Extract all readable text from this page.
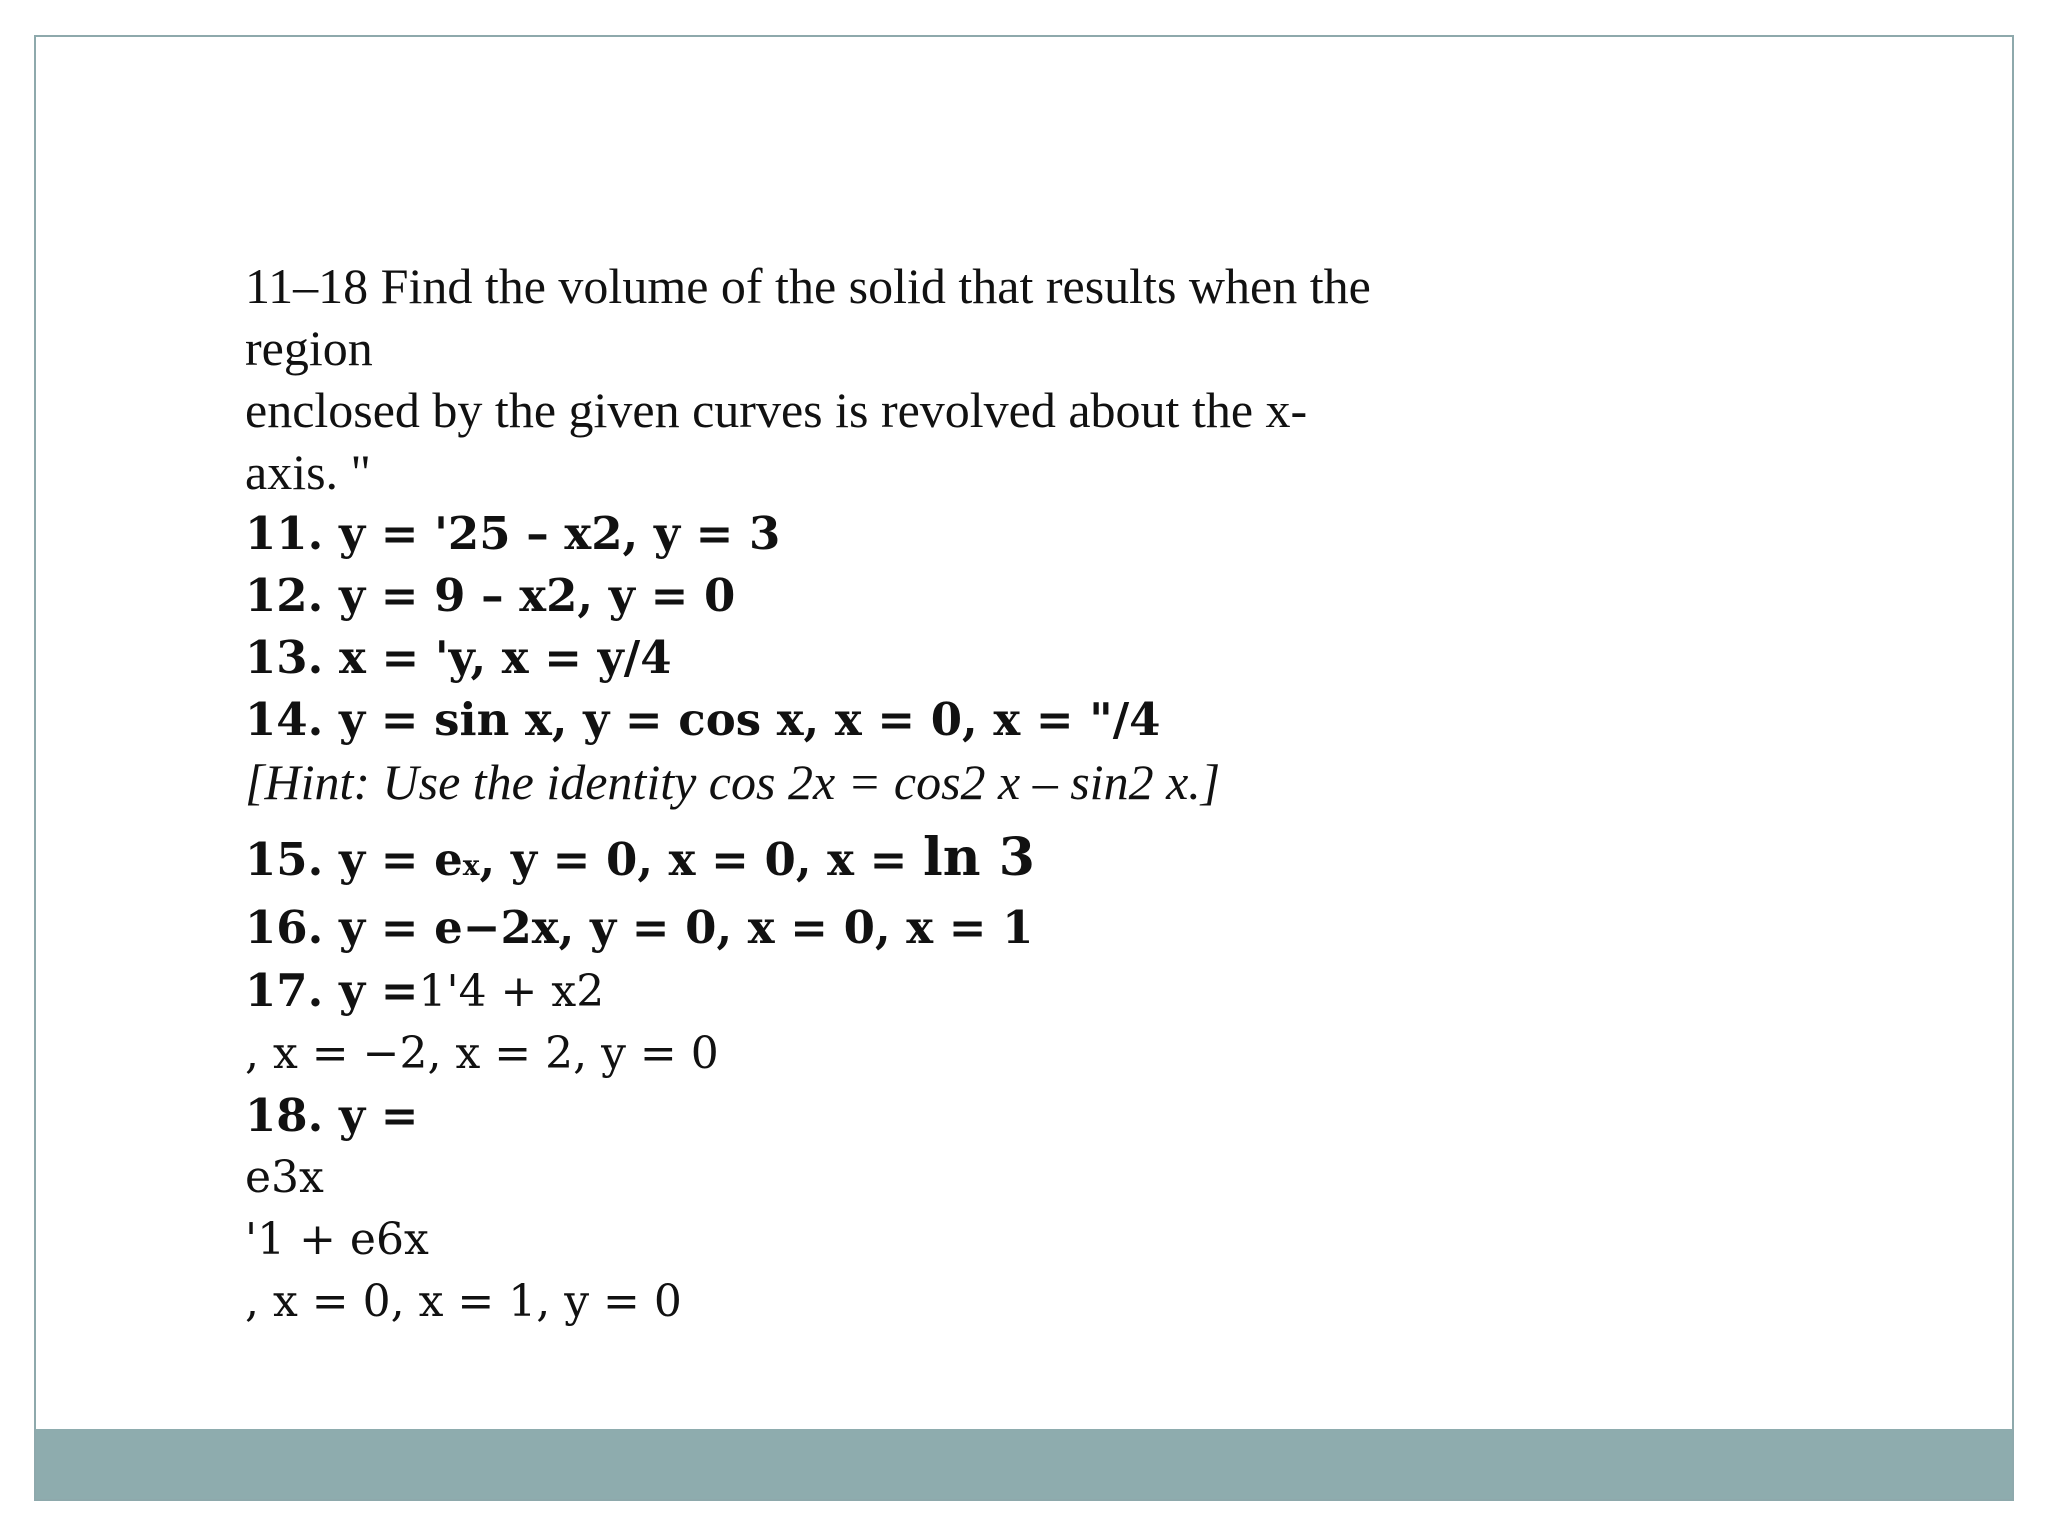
11–18 Find the volume of the solid that results when the

region

enclosed by the given curves is revolved about the x-

axis. "

11. y = '25 – x2, y = 3

12. y = 9 – x2, y = 0

13. x = 'y, x = y/4

14. y = sin x, y = cos x, x = 0, x = "/4

[Hint: Use the identity cos 2x = cos2 x – sin2 x.]

15. y = ex, y = 0, x = 0, x = ln 3

16. y = e−2x, y = 0, x = 0, x = 1

17. y =1'4 + x2

, x = −2, x = 2, y = 0

18. y =

e3x

'1 + e6x

, x = 0, x = 1, y = 0
